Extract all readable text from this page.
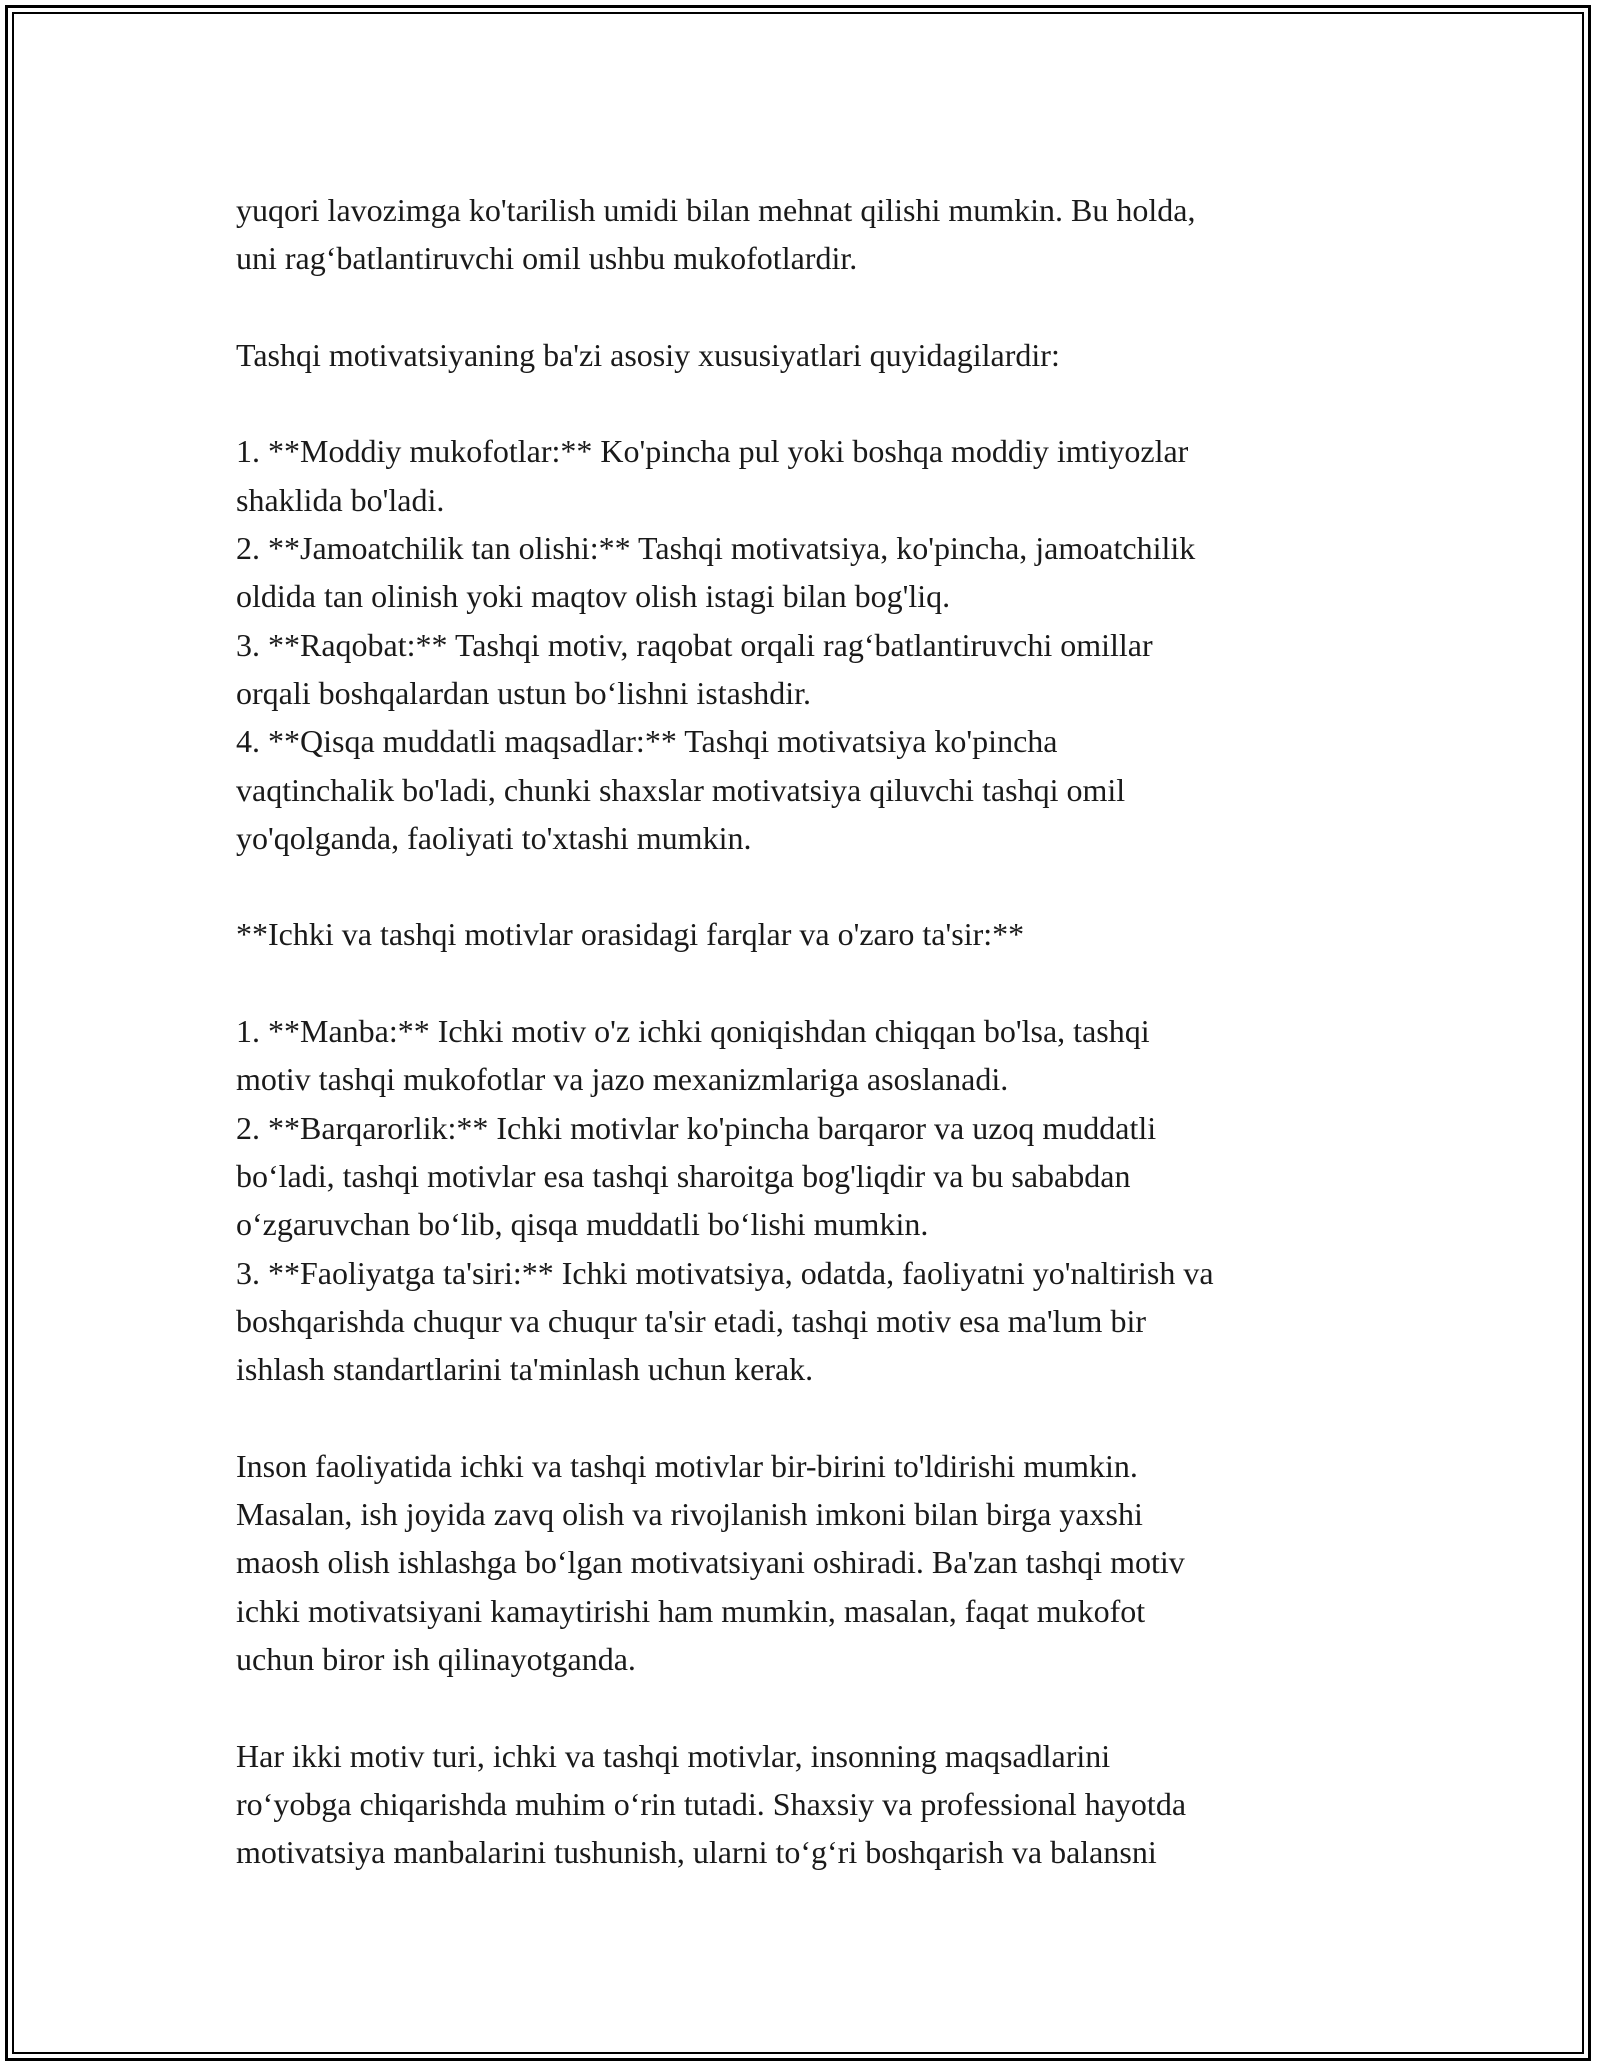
yuqori lavozimga ko'tarilish umidi bilan mehnat qilishi mumkin. Bu holda,
uni rag‘batlantiruvchi omil ushbu mukofotlardir.
Tashqi motivatsiyaning ba'zi asosiy xususiyatlari quyidagilardir:
1. **Moddiy mukofotlar:** Ko'pincha pul yoki boshqa moddiy imtiyozlar
shaklida bo'ladi.
2. **Jamoatchilik tan olishi:** Tashqi motivatsiya, ko'pincha, jamoatchilik
oldida tan olinish yoki maqtov olish istagi bilan bog'liq.
3. **Raqobat:** Tashqi motiv, raqobat orqali rag‘batlantiruvchi omillar
orqali boshqalardan ustun bo‘lishni istashdir.
4. **Qisqa muddatli maqsadlar:** Tashqi motivatsiya ko'pincha
vaqtinchalik bo'ladi, chunki shaxslar motivatsiya qiluvchi tashqi omil
yo'qolganda, faoliyati to'xtashi mumkin.
**Ichki va tashqi motivlar orasidagi farqlar va o'zaro ta'sir:**
1. **Manba:** Ichki motiv o'z ichki qoniqishdan chiqqan bo'lsa, tashqi
motiv tashqi mukofotlar va jazo mexanizmlariga asoslanadi.
2. **Barqarorlik:** Ichki motivlar ko'pincha barqaror va uzoq muddatli
bo‘ladi, tashqi motivlar esa tashqi sharoitga bog'liqdir va bu sababdan
o‘zgaruvchan bo‘lib, qisqa muddatli bo‘lishi mumkin.
3. **Faoliyatga ta'siri:** Ichki motivatsiya, odatda, faoliyatni yo'naltirish va
boshqarishda chuqur va chuqur ta'sir etadi, tashqi motiv esa ma'lum bir
ishlash standartlarini ta'minlash uchun kerak.
Inson faoliyatida ichki va tashqi motivlar bir-birini to'ldirishi mumkin.
Masalan, ish joyida zavq olish va rivojlanish imkoni bilan birga yaxshi
maosh olish ishlashga bo‘lgan motivatsiyani oshiradi. Ba'zan tashqi motiv
ichki motivatsiyani kamaytirishi ham mumkin, masalan, faqat mukofot
uchun biror ish qilinayotganda.
Har ikki motiv turi, ichki va tashqi motivlar, insonning maqsadlarini
ro‘yobga chiqarishda muhim o‘rin tutadi. Shaxsiy va professional hayotda
motivatsiya manbalarini tushunish, ularni to‘g‘ri boshqarish va balansni
